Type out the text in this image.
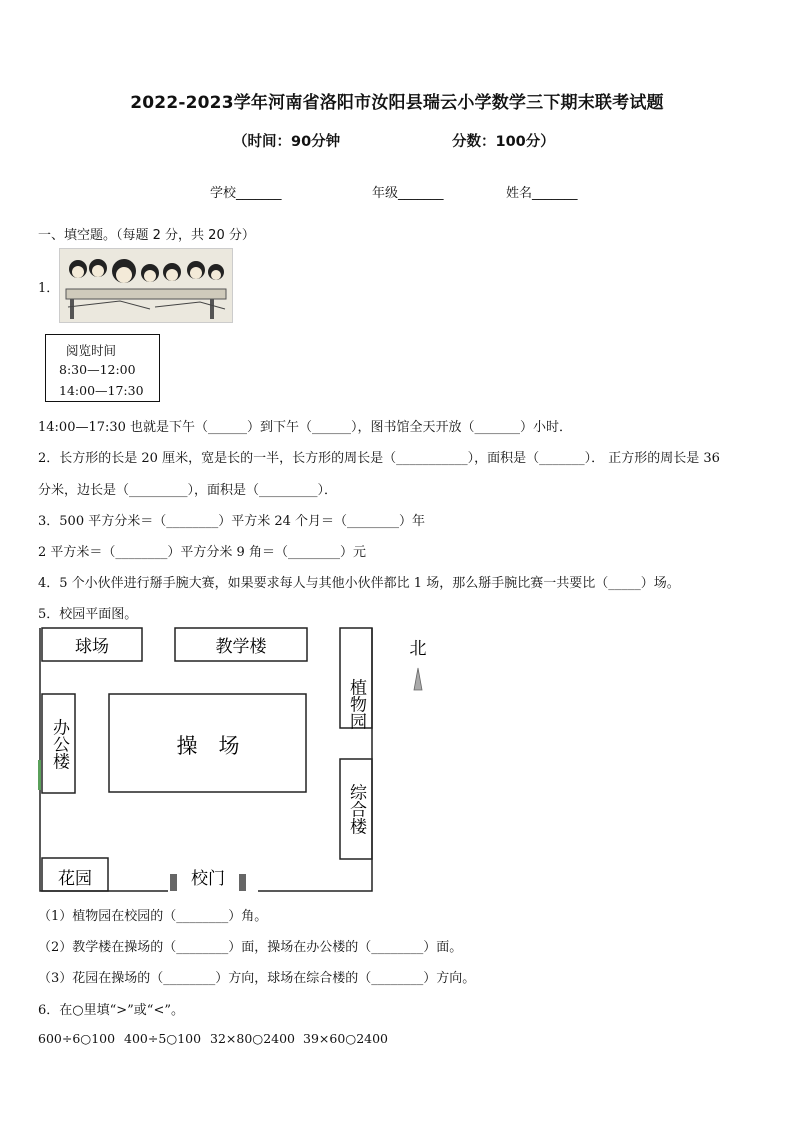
2022-2023学年河南省洛阳市汝阳县瑞云小学数学三下期末联考试题
（时间：90分钟	分数：100分）
学校_______	年级_______	姓名_______
一、填空题。（每题 2 分，共 20 分）
1．
阅览时间
8:30—12:00
14:00—17:30
14:00—17:30 也就是下午（______）到下午（______），图书馆全天开放（_______）小时．
2．长方形的长是 20 厘米，宽是长的一半，长方形的周长是（___________），面积是（_______）． 正方形的周长是 36
分米，边长是（_________），面积是（_________）．
3．500 平方分米＝（________）平方米 24 个月＝（________）年
2 平方米＝（________）平方分米 9 角＝（________）元
4．5 个小伙伴进行掰手腕大赛，如果要求每人与其他小伙伴都比 1 场，那么掰手腕比赛一共要比（_____）场。
5．校园平面图。
球场	教学楼
植物园
北
办公楼	操　场
综合楼
花园	校门
（1）植物园在校园的（________）角。
（2）教学楼在操场的（________）面，操场在办公楼的（________）面。
（3）花园在操场的（________）方向，球场在综合楼的（________）方向。
6．在○里填“>”或“<”。
600÷6○100 400÷5○100 32×80○2400 39×60○2400
